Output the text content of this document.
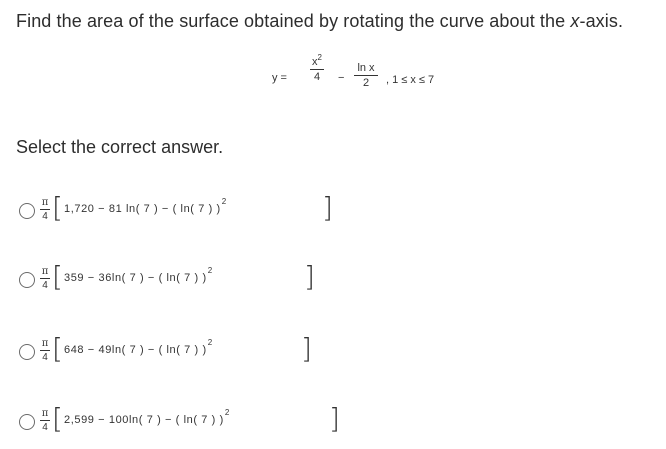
Find the area of the surface obtained by rotating the curve about the x-axis.
y =
$x^2$
4	−
ln x
2	, 1 ≤ x ≤ 7
Select the correct answer.
π
4 [ 1,720 − 81 ln( 7 ) − ( ln( 7 ) )$^2$	]
π
4 [ 359 − 36ln( 7 ) − ( ln( 7 ) )$^2$	]
π
4 [ 648 − 49ln( 7 ) − ( ln( 7 ) )$^2$	]
π
4 [ 2,599 − 100ln( 7 ) − ( ln( 7 ) )$^2$	]
